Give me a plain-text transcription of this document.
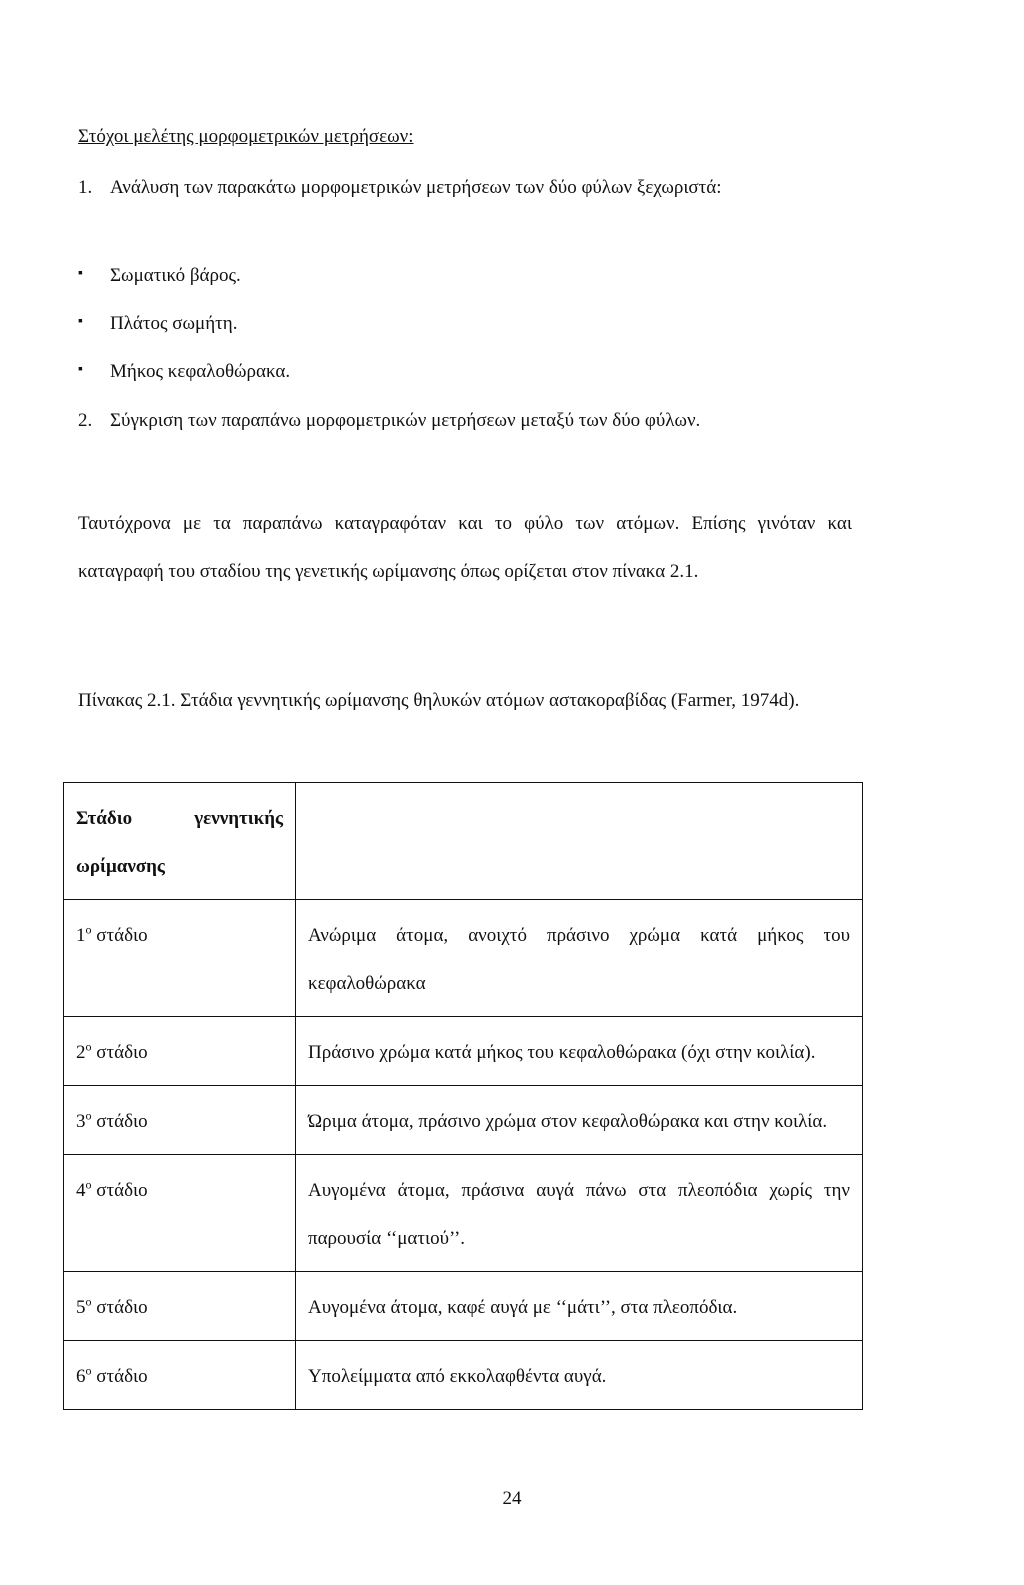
Στόχοι μελέτης μορφομετρικών μετρήσεων:
1. Ανάλυση των παρακάτω μορφομετρικών μετρήσεων των δύο φύλων ξεχωριστά:
▪ Σωματικό βάρος.
▪ Πλάτος σωμήτη.
▪ Μήκος κεφαλοθώρακα.
2. Σύγκριση των παραπάνω μορφομετρικών μετρήσεων μεταξύ των δύο φύλων.
Ταυτόχρονα με τα παραπάνω καταγραφόταν και το φύλο των ατόμων. Επίσης γινόταν και καταγραφή του σταδίου της γενετικής ωρίμανσης όπως ορίζεται στον πίνακα 2.1.
Πίνακας 2.1. Στάδια γεννητικής ωρίμανσης θηλυκών ατόμων αστακοραβίδας (Farmer, 1974d).
Στάδιο γεννητικής ωρίμανσης	
$1^o$ στάδιο	Ανώριμα άτομα, ανοιχτό πράσινο χρώμα κατά μήκος του κεφαλοθώρακα
$2^o$ στάδιο	Πράσινο χρώμα κατά μήκος του κεφαλοθώρακα (όχι στην κοιλία).
$3^o$ στάδιο	Ώριμα άτομα, πράσινο χρώμα στον κεφαλοθώρακα και στην κοιλία.
$4^o$ στάδιο	Αυγομένα άτομα, πράσινα αυγά πάνω στα πλεοπόδια χωρίς την παρουσία ‘‘ματιού’’.
$5^o$ στάδιο	Αυγομένα άτομα, καφέ αυγά με ‘‘μάτι’’, στα πλεοπόδια.
$6^o$ στάδιο	Υπολείμματα από εκκολαφθέντα αυγά.
24
